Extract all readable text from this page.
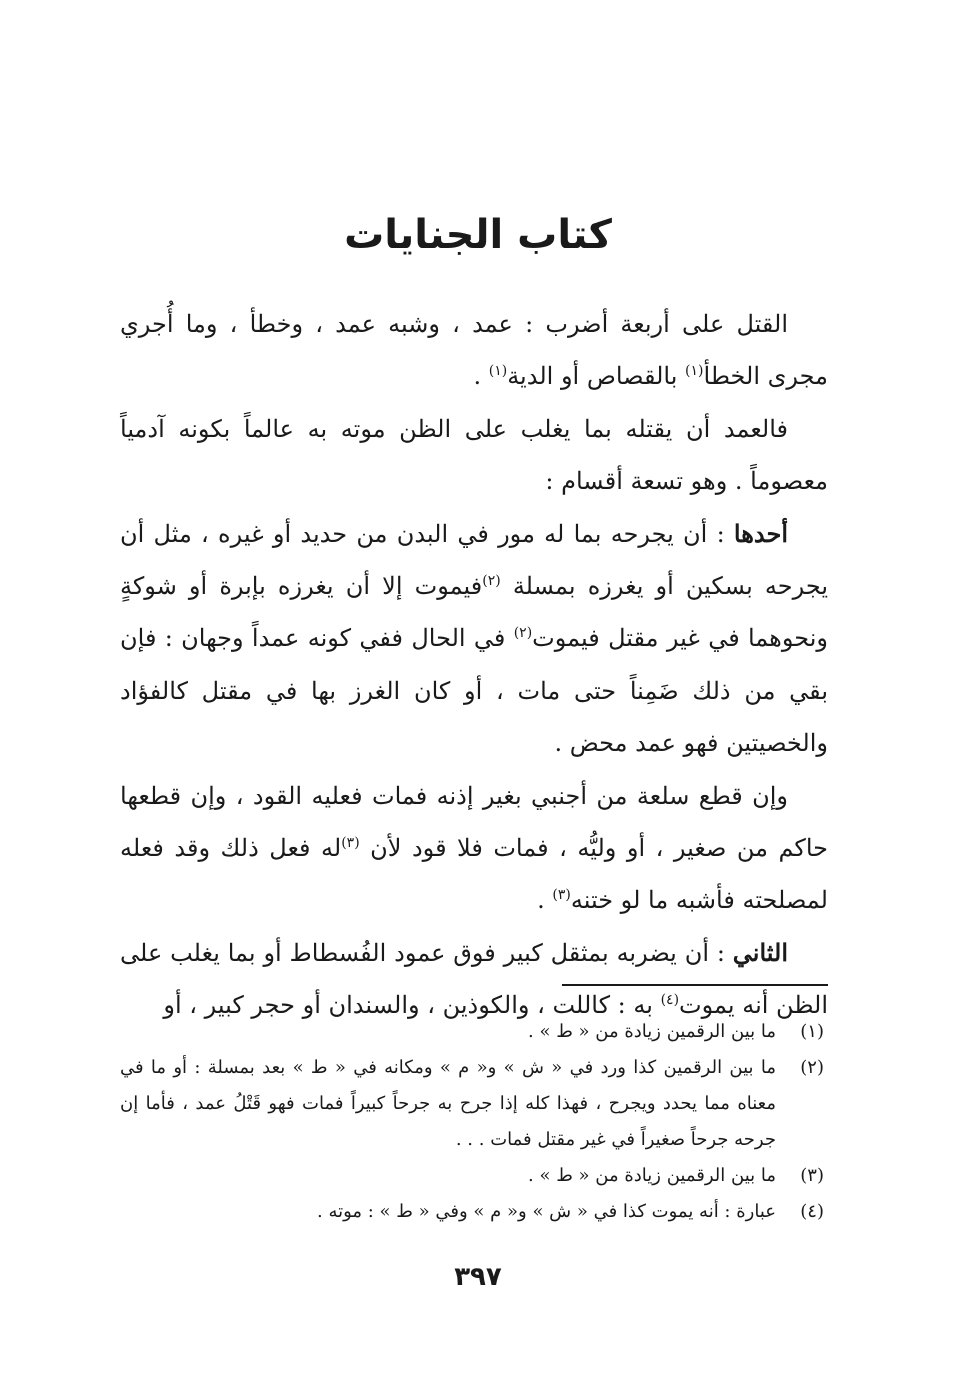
كتاب الجنايات

القتل على أربعة أضرب : عمد ، وشبه عمد ، وخطأ ، وما أُجري مجرى الخطأ$^{(١)}$ بالقصاص أو الدية$^{(١)}$ .

فالعمد أن يقتله بما يغلب على الظن موته به عالماً بكونه آدمياً معصوماً . وهو تسعة أقسام :

أحدها : أن يجرحه بما له مور في البدن من حديد أو غيره ، مثل أن يجرحه بسكين أو يغرزه بمسلة $^{(٢)}$فيموت إلا أن يغرزه بإبرة أو شوكةٍ ونحوهما في غير مقتل فيموت$^{(٢)}$ في الحال ففي كونه عمداً وجهان : فإن بقي من ذلك ضَمِناً حتى مات ، أو كان الغرز بها في مقتل كالفؤاد والخصيتين فهو عمد محض .

وإن قطع سلعة من أجنبي بغير إذنه فمات فعليه القود ، وإن قطعها حاكم من صغير ، أو وليُّه ، فمات فلا قود لأن $^{(٣)}$له فعل ذلك وقد فعله لمصلحته فأشبه ما لو ختنه$^{(٣)}$ .

الثاني : أن يضربه بمثقل كبير فوق عمود الفُسطاط أو بما يغلب على الظن أنه يموت$^{(٤)}$ به : كاللت ، والكوذين ، والسندان أو حجر كبير ، أو

(١)
ما بين الرقمين زيادة من « ط » .
(٢)
ما بين الرقمين كذا ورد في « ش » و« م » ومكانه في « ط » بعد بمسلة : أو ما في معناه مما يحدد ويجرح ، فهذا كله إذا جرح به جرحاً كبيراً فمات فهو قَتْلُ عمد ، فأما إن جرحه جرحاً صغيراً في غير مقتل فمات . . .
(٣)
ما بين الرقمين زيادة من « ط » .
(٤)
عبارة : أنه يموت كذا في « ش » و« م » وفي « ط » : موته .

٣٩٧
